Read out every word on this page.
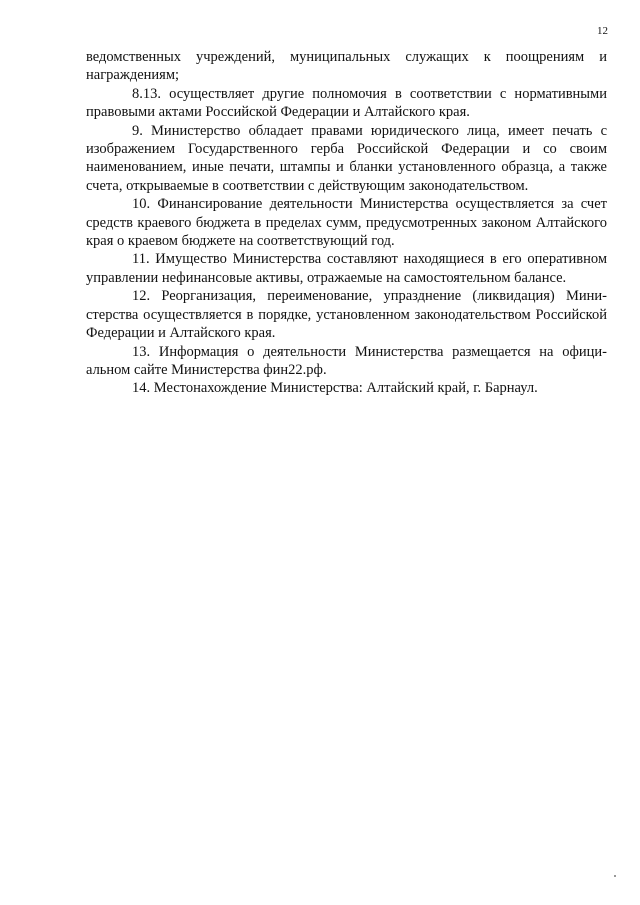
12

ведомственных учреждений, муниципальных служащих к поощрениям и награждениям;

8.13. осуществляет другие полномочия в соответствии с нормативными правовыми актами Российской Федерации и Алтайского края.

9. Министерство обладает правами юридического лица, имеет печать с изображением Государственного герба Российской Федерации и со своим наименованием, иные печати, штампы и бланки установленного образца, а также счета, открываемые в соответствии с действующим законодательством.

10. Финансирование деятельности Министерства осуществляется за счет средств краевого бюджета в пределах сумм, предусмотренных законом Алтайского края о краевом бюджете на соответствующий год.

11. Имущество Министерства составляют находящиеся в его оперативном управлении нефинансовые активы, отражаемые на самостоятельном балансе.

12. Реорганизация, переименование, упразднение (ликвидация) Министерства осуществляется в порядке, установленном законодательством Российской Федерации и Алтайского края.

13. Информация о деятельности Министерства размещается на официальном сайте Министерства фин22.рф.

14. Местонахождение Министерства: Алтайский край, г. Барнаул.
